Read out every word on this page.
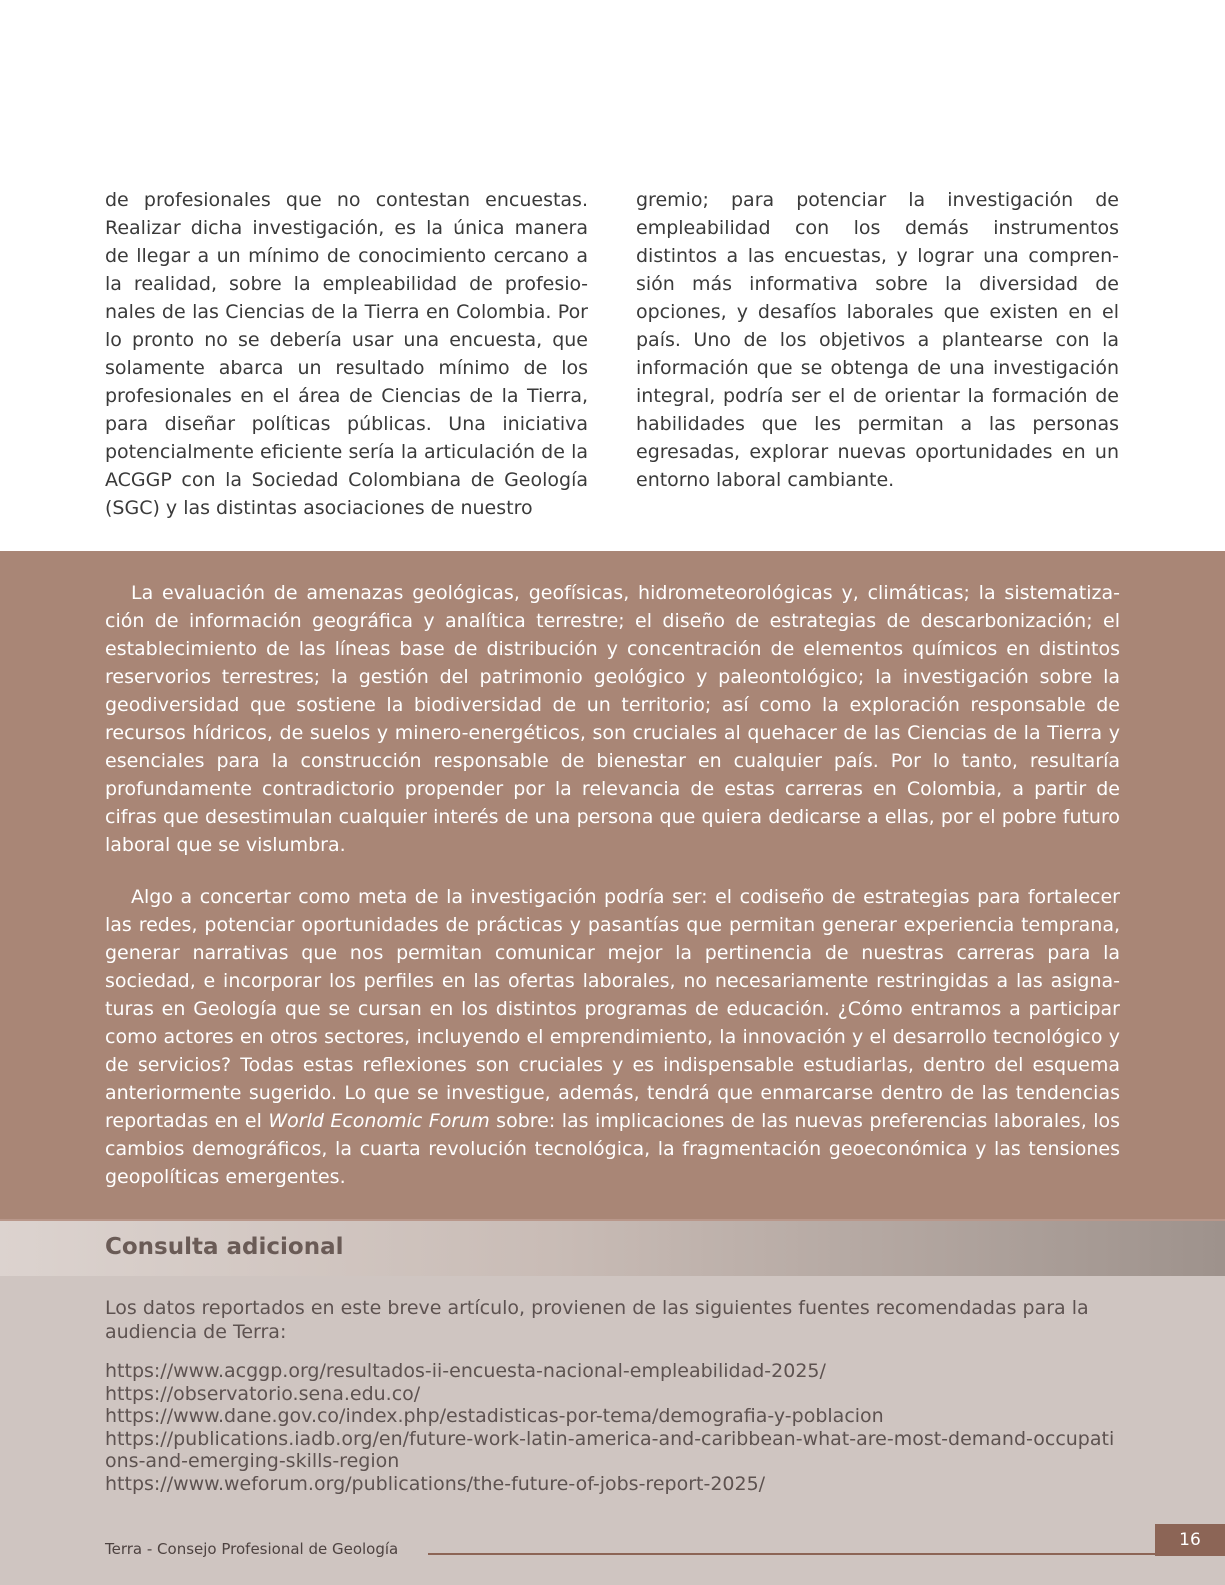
de profesionales que no contestan encuestas. Realizar dicha investigación, es la única manera de llegar a un mínimo de conocimiento cercano a la realidad, sobre la empleabilidad de profesionales de las Ciencias de la Tierra en Colombia. Por lo pronto no se debería usar una encuesta, que solamente abarca un resultado mínimo de los profesionales en el área de Ciencias de la Tierra, para diseñar políticas públicas. Una iniciativa potencialmente eficiente sería la articulación de la ACGGP con la Sociedad Colombiana de Geología (SGC) y las distintas asociaciones de nuestro

gremio; para potenciar la investigación de empleabilidad con los demás instrumentos distintos a las encuestas, y lograr una comprensión más informativa sobre la diversidad de opciones, y desafíos laborales que existen en el país. Uno de los objetivos a plantearse con la información que se obtenga de una investigación integral, podría ser el de orientar la formación de habilidades que les permitan a las personas egresadas, explorar nuevas oportunidades en un entorno laboral cambiante.

La evaluación de amenazas geológicas, geofísicas, hidrometeorológicas y, climáticas; la sistematización de información geográfica y analítica terrestre; el diseño de estrategias de descarbonización; el establecimiento de las líneas base de distribución y concentración de elementos químicos en distintos reservorios terrestres; la gestión del patrimonio geológico y paleontológico; la investigación sobre la geodiversidad que sostiene la biodiversidad de un territorio; así como la exploración responsable de recursos hídricos, de suelos y minero-energéticos, son cruciales al quehacer de las Ciencias de la Tierra y esenciales para la construcción responsable de bienestar en cualquier país. Por lo tanto, resultaría profundamente contradictorio propender por la relevancia de estas carreras en Colombia, a partir de cifras que desestimulan cualquier interés de una persona que quiera dedicarse a ellas, por el pobre futuro laboral que se vislumbra.

Algo a concertar como meta de la investigación podría ser: el codiseño de estrategias para fortalecer las redes, potenciar oportunidades de prácticas y pasantías que permitan generar experiencia temprana, generar narrativas que nos permitan comunicar mejor la pertinencia de nuestras carreras para la sociedad, e incorporar los perfiles en las ofertas laborales, no necesariamente restringidas a las asignaturas en Geología que se cursan en los distintos programas de educación. ¿Cómo entramos a participar como actores en otros sectores, incluyendo el emprendimiento, la innovación y el desarrollo tecnológico y de servicios? Todas estas reflexiones son cruciales y es indispensable estudiarlas, dentro del esquema anteriormente sugerido. Lo que se investigue, además, tendrá que enmarcarse dentro de las tendencias reportadas en el World Economic Forum sobre: las implicaciones de las nuevas preferencias laborales, los cambios demográficos, la cuarta revolución tecnológica, la fragmentación geoeconómica y las tensiones geopolíticas emergentes.

Consulta adicional

Los datos reportados en este breve artículo, provienen de las siguientes fuentes recomendadas para la audiencia de Terra:

https://www.acggp.org/resultados-ii-encuesta-nacional-empleabilidad-2025/
https://observatorio.sena.edu.co/
https://www.dane.gov.co/index.php/estadisticas-por-tema/demografia-y-poblacion
https://publications.iadb.org/en/future-work-latin-america-and-caribbean-what-are-most-demand-occupations-and-emerging-skills-region
https://www.weforum.org/publications/the-future-of-jobs-report-2025/
Terra - Consejo Profesional de Geología	16
